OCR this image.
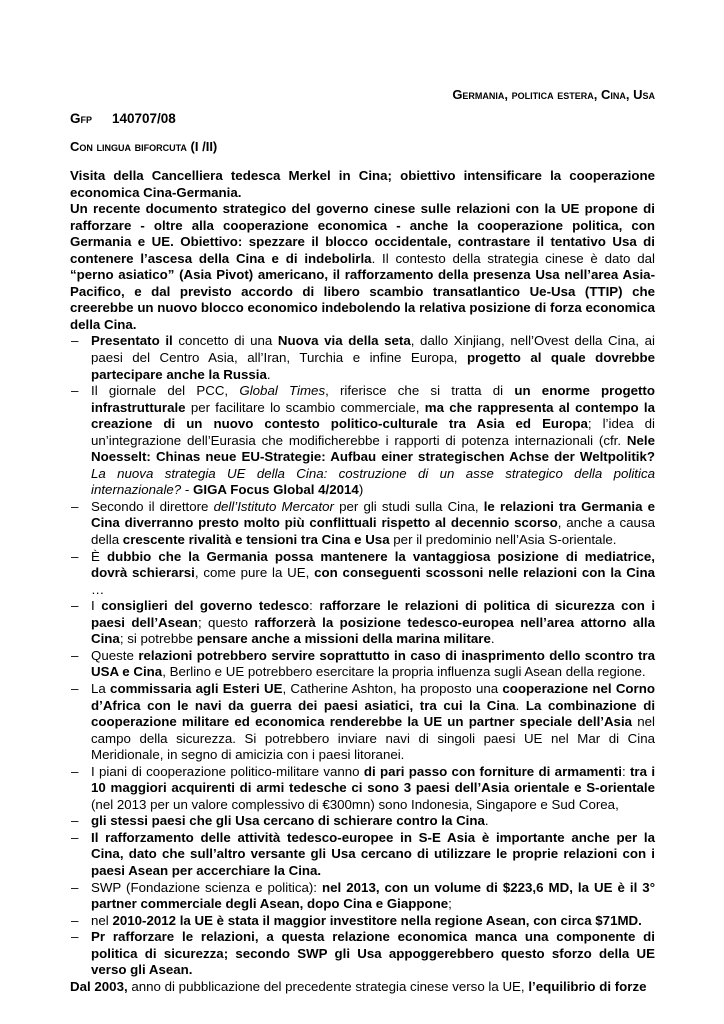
Germania, politica estera, Cina, Usa
Gfp 140707/08
Con lingua biforcuta (I /II)

Visita della Cancelliera tedesca Merkel in Cina; obiettivo intensificare la cooperazione economica Cina-Germania.
Un recente documento strategico del governo cinese sulle relazioni con la UE propone di rafforzare - oltre alla cooperazione economica - anche la cooperazione politica, con Germania e UE. Obiettivo: spezzare il blocco occidentale, contrastare il tentativo Usa di contenere l’ascesa della Cina e di indebolirla. Il contesto della strategia cinese è dato dal “perno asiatico” (Asia Pivot) americano, il rafforzamento della presenza Usa nell’area Asia-Pacifico, e dal previsto accordo di libero scambio transatlantico Ue-Usa (TTIP) che creerebbe un nuovo blocco economico indebolendo la relativa posizione di forza economica della Cina.

– Presentato il concetto di una Nuova via della seta, dallo Xinjiang, nell’Ovest della Cina, ai paesi del Centro Asia, all’Iran, Turchia e infine Europa, progetto al quale dovrebbe partecipare anche la Russia.
– Il giornale del PCC, Global Times, riferisce che si tratta di un enorme progetto infrastrutturale per facilitare lo scambio commerciale, ma che rappresenta al contempo la creazione di un nuovo contesto politico-culturale tra Asia ed Europa; l’idea di un’integrazione dell’Eurasia che modificherebbe i rapporti di potenza internazionali (cfr. Nele Noesselt: Chinas neue EU-Strategie: Aufbau einer strategischen Achse der Weltpolitik? La nuova strategia UE della Cina: costruzione di un asse strategico della politica internazionale? - GIGA Focus Global 4/2014)
– Secondo il direttore dell’Istituto Mercator per gli studi sulla Cina, le relazioni tra Germania e Cina diverranno presto molto più conflittuali rispetto al decennio scorso, anche a causa della crescente rivalità e tensioni tra Cina e Usa per il predominio nell’Asia S-orientale.
– È dubbio che la Germania possa mantenere la vantaggiosa posizione di mediatrice, dovrà schierarsi, come pure la UE, con conseguenti scossoni nelle relazioni con la Cina …
– I consiglieri del governo tedesco: rafforzare le relazioni di politica di sicurezza con i paesi dell’Asean; questo rafforzerà la posizione tedesco-europea nell’area attorno alla Cina; si potrebbe pensare anche a missioni della marina militare.
– Queste relazioni potrebbero servire soprattutto in caso di inasprimento dello scontro tra USA e Cina, Berlino e UE potrebbero esercitare la propria influenza sugli Asean della regione.
– La commissaria agli Esteri UE, Catherine Ashton, ha proposto una cooperazione nel Corno d’Africa con le navi da guerra dei paesi asiatici, tra cui la Cina. La combinazione di cooperazione militare ed economica renderebbe la UE un partner speciale dell’Asia nel campo della sicurezza. Si potrebbero inviare navi di singoli paesi UE nel Mar di Cina Meridionale, in segno di amicizia con i paesi litoranei.
– I piani di cooperazione politico-militare vanno di pari passo con forniture di armamenti: tra i 10 maggiori acquirenti di armi tedesche ci sono 3 paesi dell’Asia orientale e S-orientale (nel 2013 per un valore complessivo di €300mn) sono Indonesia, Singapore e Sud Corea,
– gli stessi paesi che gli Usa cercano di schierare contro la Cina.
– Il rafforzamento delle attività tedesco-europee in S-E Asia è importante anche per la Cina, dato che sull’altro versante gli Usa cercano di utilizzare le proprie relazioni con i paesi Asean per accerchiare la Cina.
– SWP (Fondazione scienza e politica): nel 2013, con un volume di $223,6 MD, la UE è il 3° partner commerciale degli Asean, dopo Cina e Giappone;
– nel 2010-2012 la UE è stata il maggior investitore nella regione Asean, con circa $71MD.
– Pr rafforzare le relazioni, a questa relazione economica manca una componente di politica di sicurezza; secondo SWP gli Usa appoggerebbero questo sforzo della UE verso gli Asean.

Dal 2003, anno di pubblicazione del precedente strategia cinese verso la UE, l’equilibrio di forze
